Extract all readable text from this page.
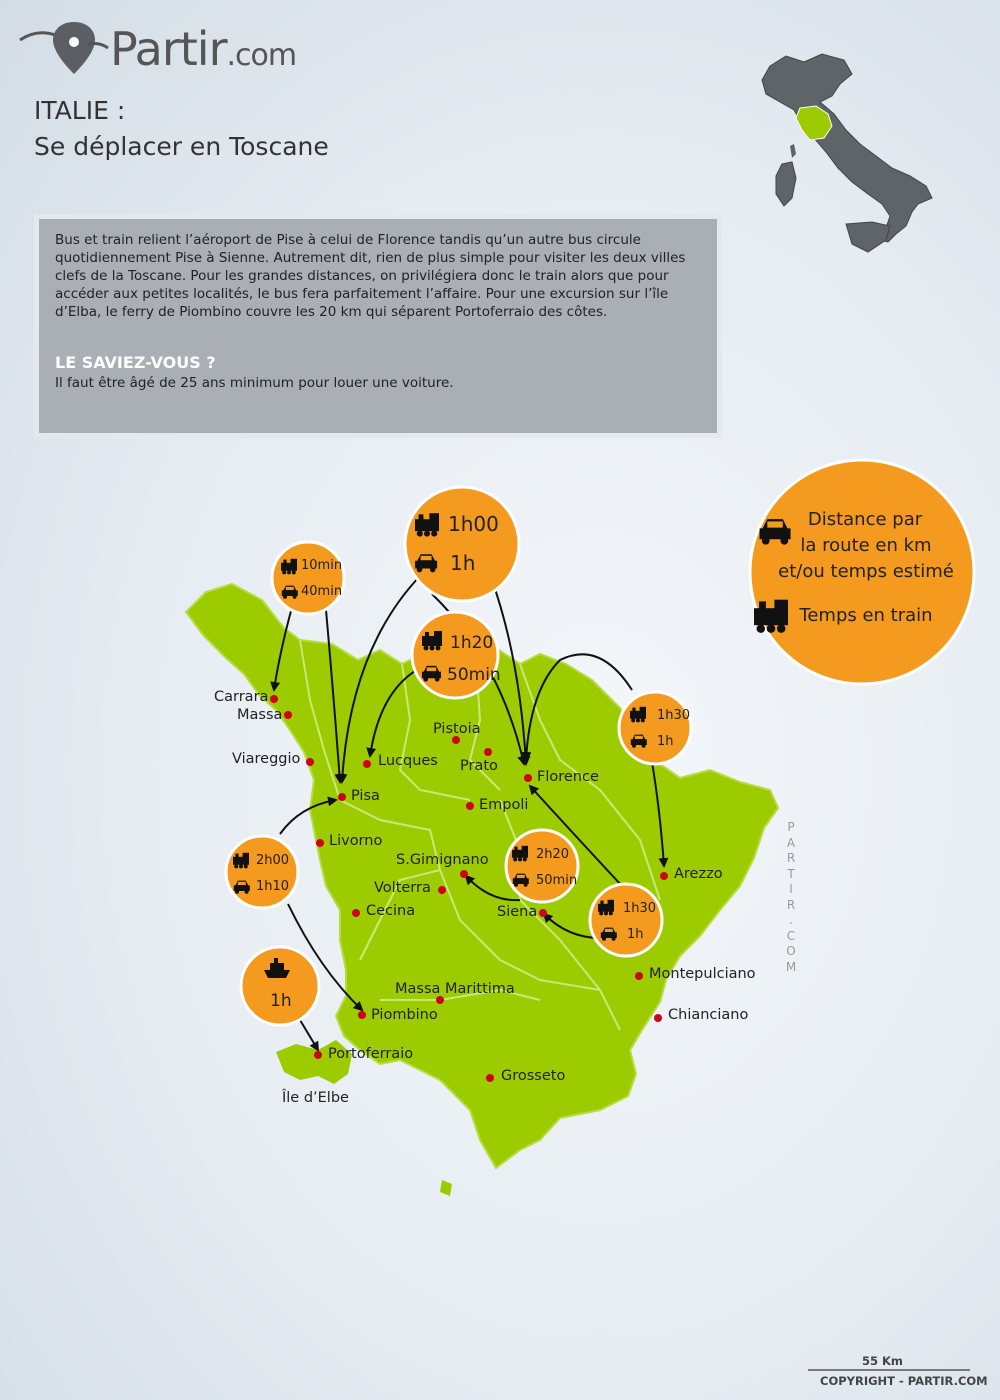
Partir.com
ITALIE :
Se déplacer en Toscane
Bus et train relient l’aéroport de Pise à celui de Florence tandis qu’un autre bus circule quotidiennement Pise à Sienne. Autrement dit, rien de plus simple pour visiter les deux villes clefs de la Toscane. Pour les grandes distances, on privilégiera donc le train alors que pour accéder aux petites localités, le bus fera parfaitement l’affaire. Pour une excursion sur l’île d’Elba, le ferry de Piombino couvre les 20 km qui séparent Portoferraio des côtes.
LE SAVIEZ-VOUS ?
Il faut être âgé de 25 ans minimum pour louer une voiture.
10min
40min
1h00
1h
1h20
50min
1h30
1h
2h00
1h10
2h20
50min
1h30
1h
1h
Distance par
la route en km
et/ou temps estimé
Temps en train
Carrara
Massa
Viareggio	Lucques
Pistoia
Prato
Florence
Pisa
Empoli
Livorno
S.Gimignano
Volterra
Cecina	Siena
Arezzo
Montepulciano
Chianciano
Massa Marittima
Piombino
Portoferraio
Grosseto
Île d’Elbe
P
A
R
T
I
R
.
C
O
M
55 Km
COPYRIGHT - PARTIR.COM
